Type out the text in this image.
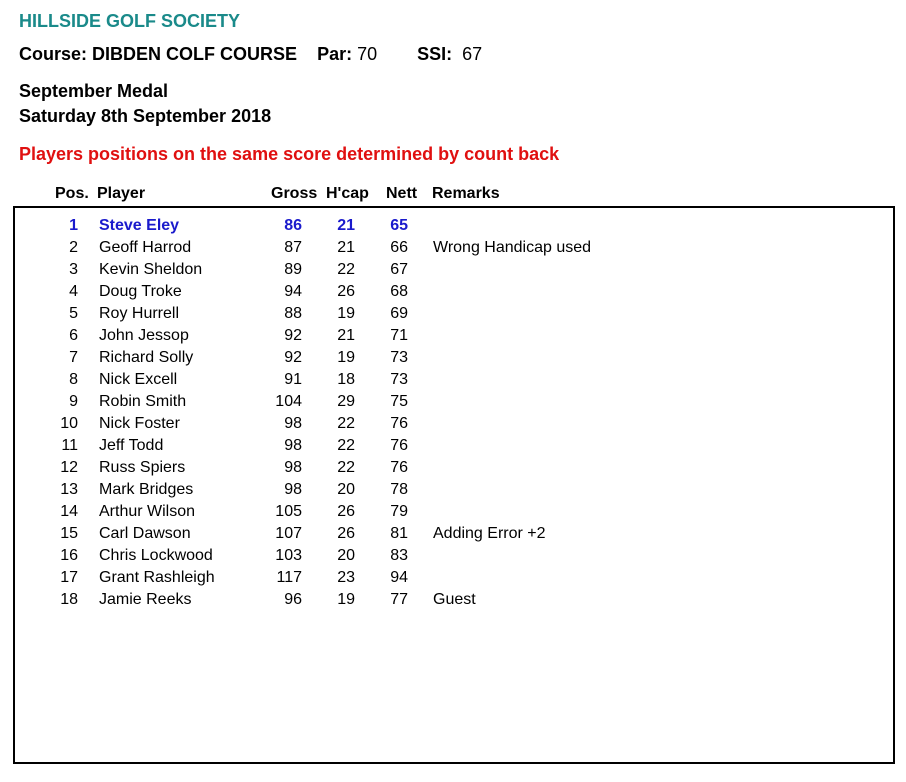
HILLSIDE GOLF SOCIETY
Course: DIBDEN COLF COURSE Par: 70 SSI: 67
September Medal
Saturday 8th September 2018
Players positions on the same score determined by count back
Pos. Player	Gross H'cap Nett Remarks
1 Steve Eley	86 21 65
2 Geoff Harrod	87 21 66 Wrong Handicap used
3 Kevin Sheldon	89 22 67
4 Doug Troke	94 26 68
5 Roy Hurrell	88 19 69
6 John Jessop	92 21 71
7 Richard Solly	92 19 73
8 Nick Excell	91 18 73
9 Robin Smith	104 29 75
10 Nick Foster	98 22 76
11 Jeff Todd	98 22 76
12 Russ Spiers	98 22 76
13 Mark Bridges	98 20 78
14 Arthur Wilson	105 26 79
15 Carl Dawson	107 26 81 Adding Error +2
16 Chris Lockwood	103 20 83
17 Grant Rashleigh	117 23 94
18 Jamie Reeks	96 19 77 Guest
